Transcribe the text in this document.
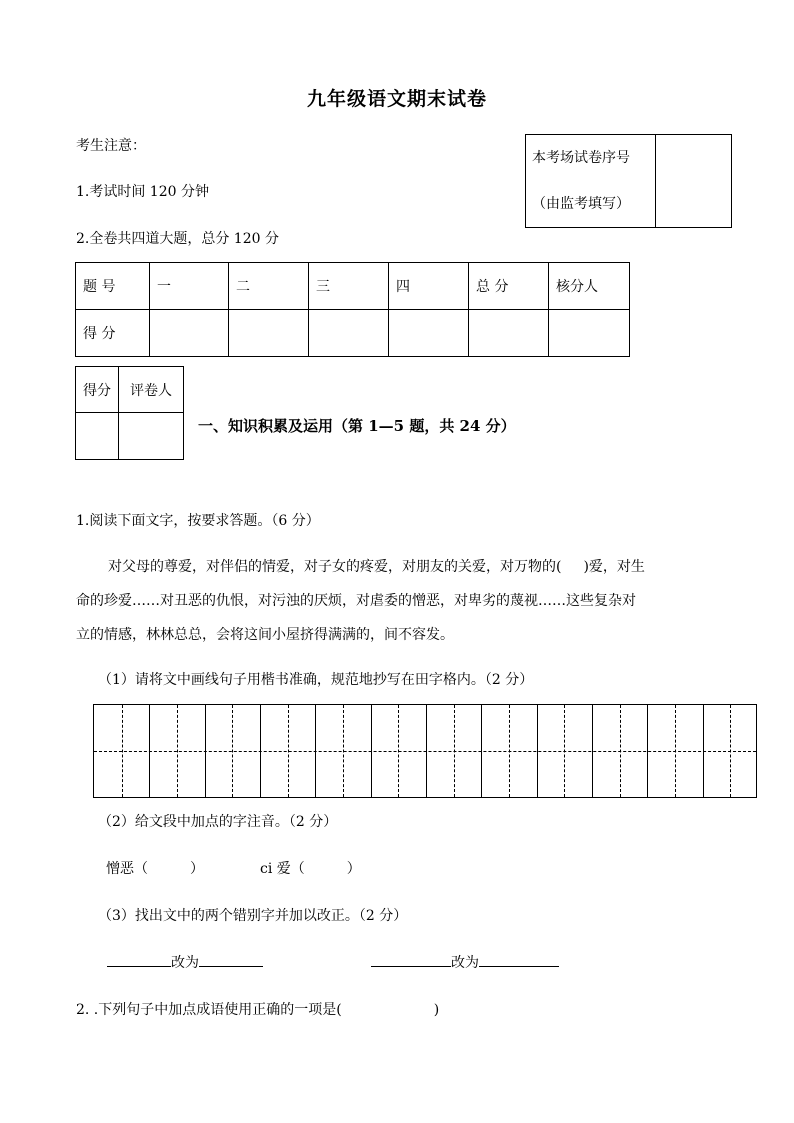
九年级语文期末试卷
考生注意：
1.考试时间 120 分钟
2.全卷共四道大题，总分 120 分
本考场试卷序号
（由监考填写）

题 号	一	二	三	四	总 分	核分人
得 分						
得分	评卷人

一、知识积累及运用（第 1—5 题，共 24 分）
1.阅读下面文字，按要求答题。（6 分）
对父母的尊爱，对伴侣的情爱，对子女的疼爱，对朋友的关爱，对万物的( )爱，对生
命的珍爱……对丑恶的仇恨，对污浊的厌烦，对虐委的憎恶，对卑劣的蔑视……这些复杂对
立的情感，林林总总，会将这间小屋挤得满满的，间不容发。
（1）请将文中画线句子用楷书准确，规范地抄写在田字格内。（2 分）
（2）给文段中加点的字注音。（2 分）
憎恶（	）	ci 爱（	）
（3）找出文中的两个错别字并加以改正。（2 分）
改为	改为
2. .下列句子中加点成语使用正确的一项是(	)
